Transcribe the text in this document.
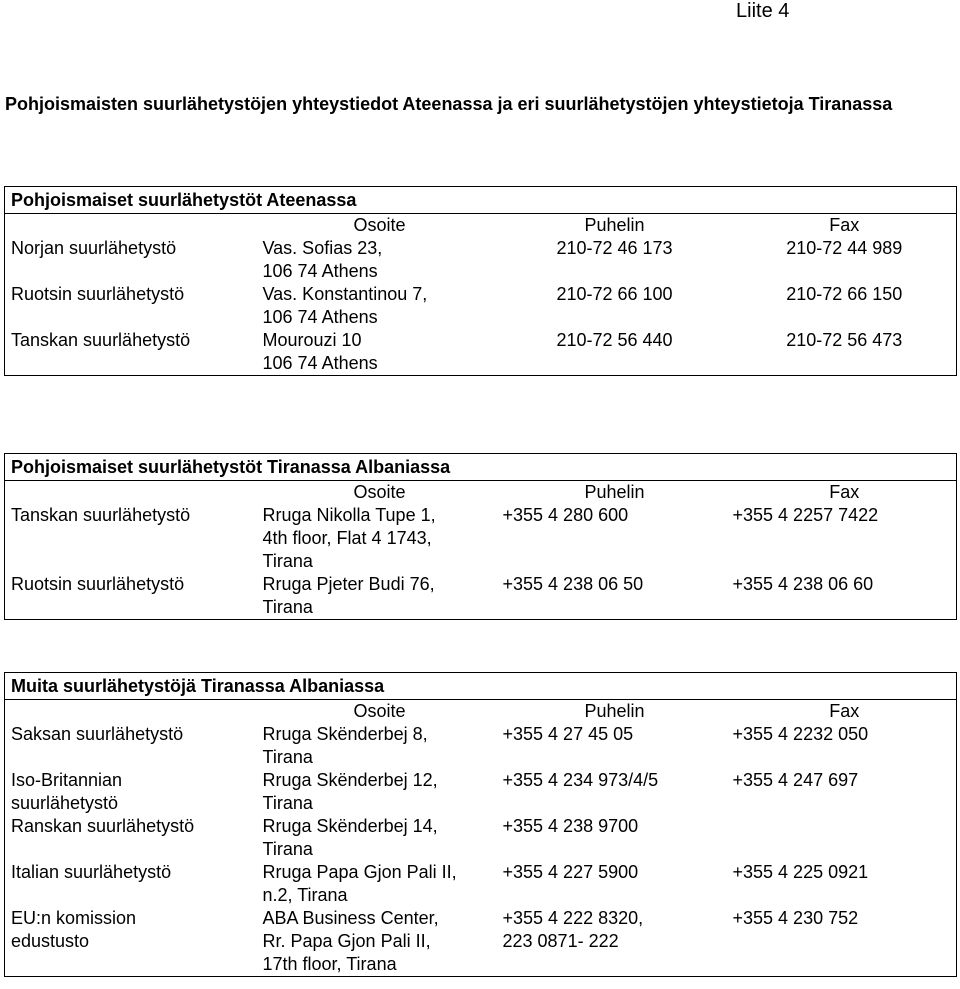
Liite 4
Pohjoismaisten suurlähetystöjen yhteystiedot Ateenassa ja eri suurlähetystöjen yhteystietoja Tiranassa
Pohjoismaiset suurlähetystöt Ateenassa			
	Osoite	Puhelin	Fax
Norjan suurlähetystö	Vas. Sofias 23,
106 74 Athens	210-72 46 173	210-72 44 989
Ruotsin suurlähetystö	Vas. Konstantinou 7,
106 74 Athens	210-72 66 100	210-72 66 150
Tanskan suurlähetystö	Mourouzi 10
106 74 Athens	210-72 56 440	210-72 56 473
Pohjoismaiset suurlähetystöt Tiranassa Albaniassa			
	Osoite	Puhelin	Fax
Tanskan suurlähetystö	Rruga Nikolla Tupe 1,
4th floor, Flat 4 1743,
Tirana	+355 4 280 600	+355 4 2257 7422
Ruotsin suurlähetystö	Rruga Pjeter Budi 76,
Tirana	+355 4 238 06 50	+355 4 238 06 60
Muita suurlähetystöjä Tiranassa Albaniassa			
	Osoite	Puhelin	Fax
Saksan suurlähetystö	Rruga Skënderbej 8,
Tirana	+355 4 27 45 05	+355 4 2232 050
Iso-Britannian
suurlähetystö	Rruga Skënderbej 12,
Tirana	+355 4 234 973/4/5	+355 4 247 697
Ranskan suurlähetystö	Rruga Skënderbej 14,
Tirana	+355 4 238 9700	
Italian suurlähetystö	Rruga Papa Gjon Pali II,
n.2, Tirana	+355 4 227 5900	+355 4 225 0921
EU:n komission
edustusto	ABA Business Center,
Rr. Papa Gjon Pali II,
17th floor, Tirana	+355 4 222 8320,
223 0871- 222	+355 4 230 752
